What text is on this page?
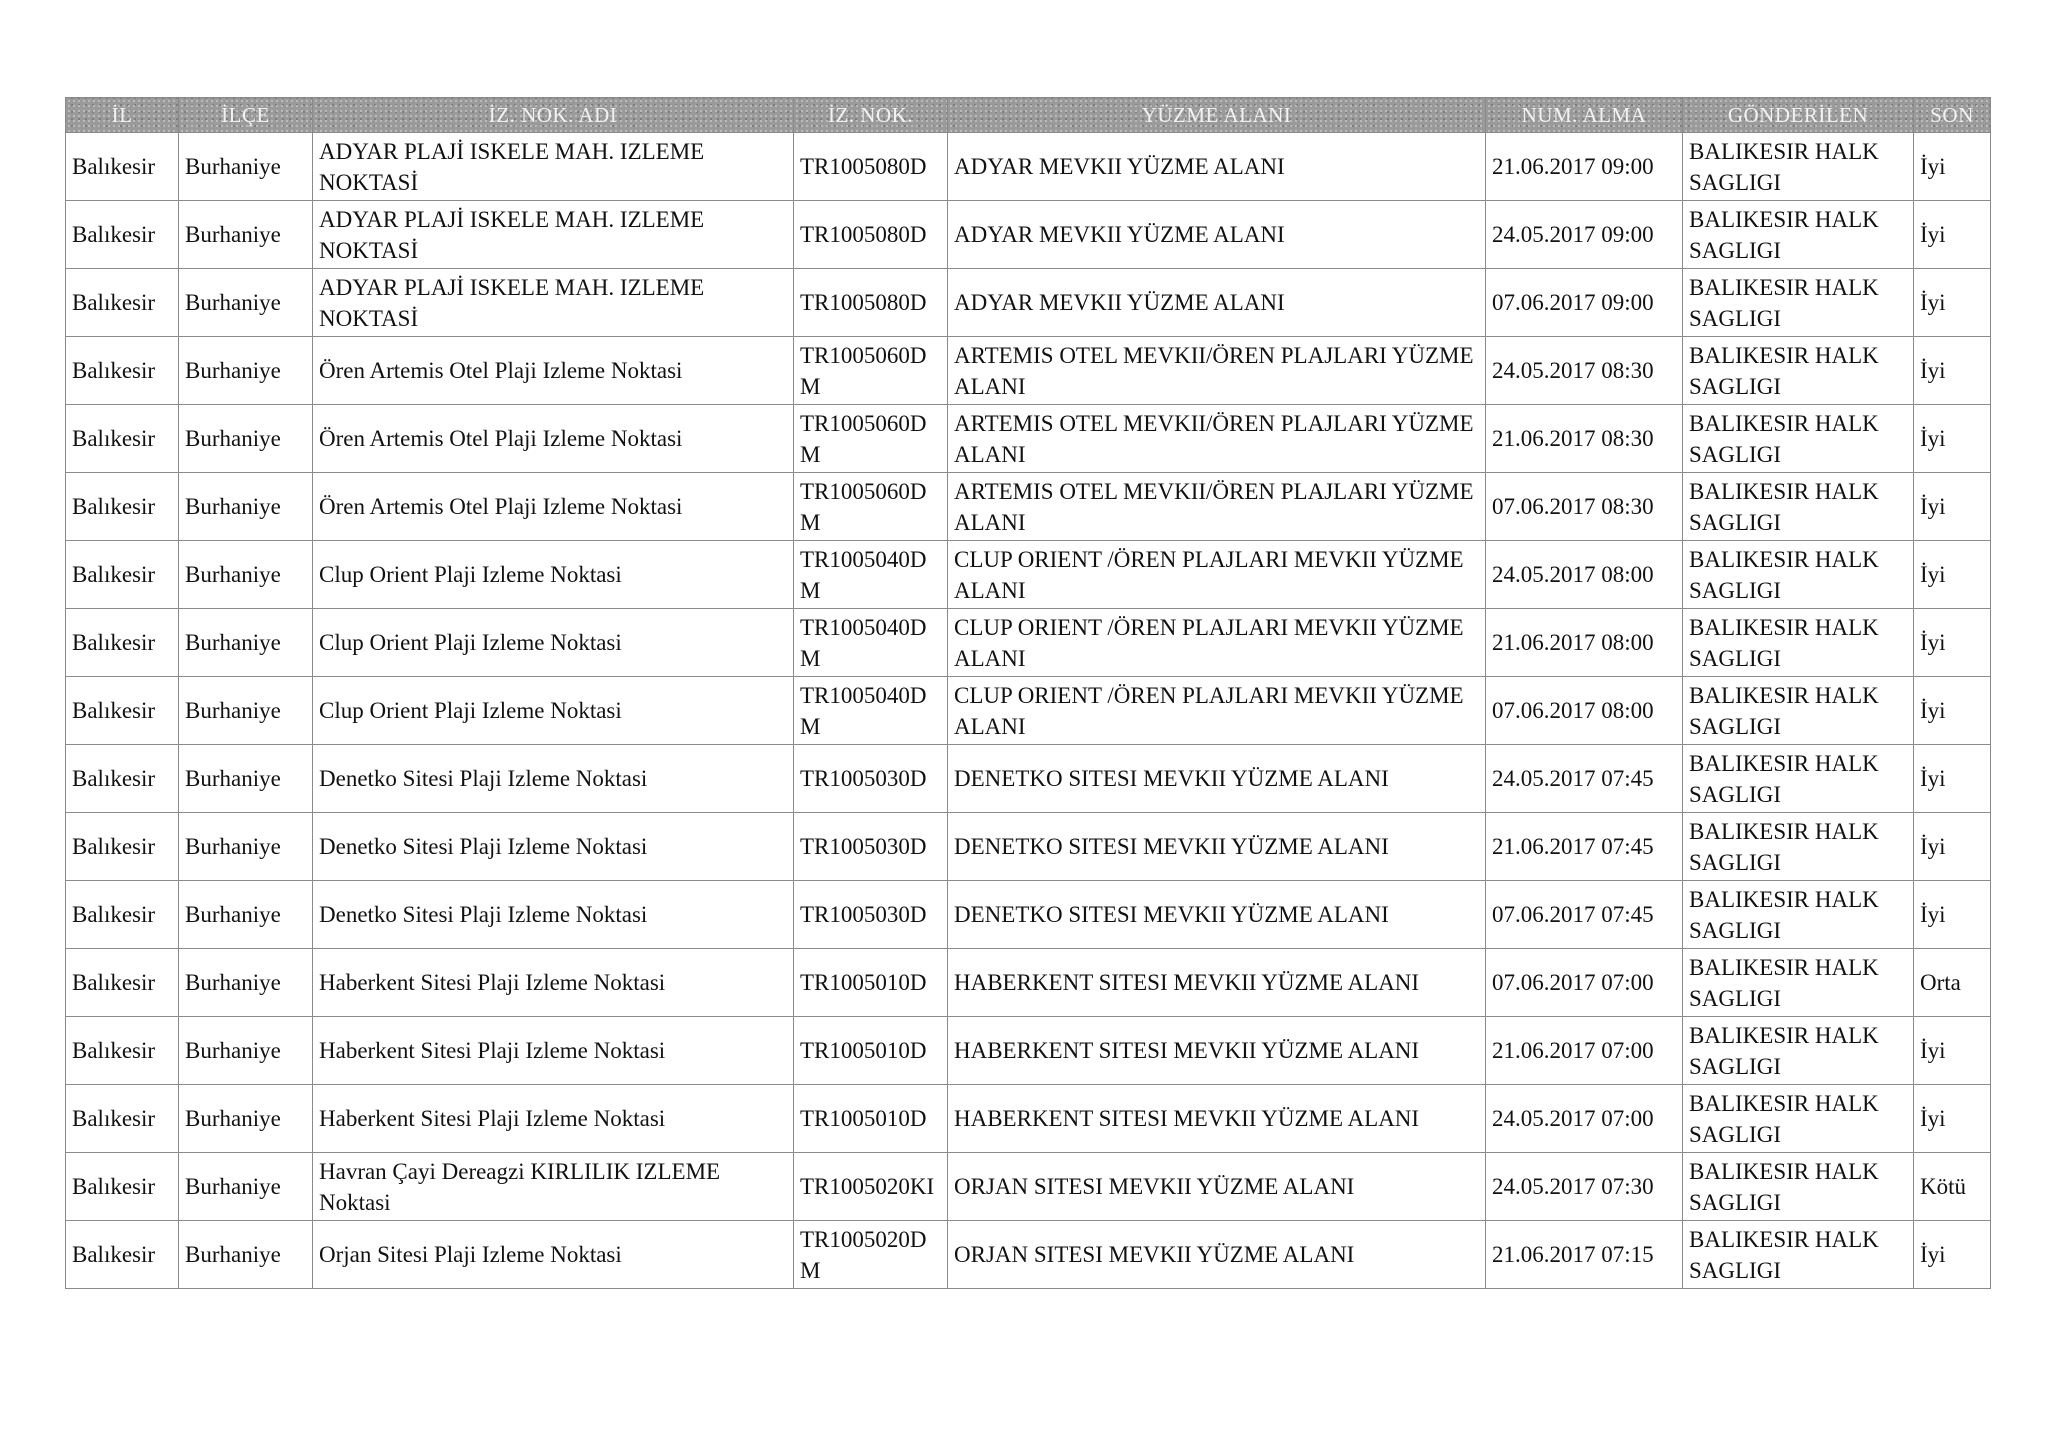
İL	İLÇE	İZ. NOK. ADI	İZ. NOK.	YÜZME ALANI	NUM. ALMA	GÖNDERİLEN	SON
Balıkesir	Burhaniye	ADYAR PLAJİ ISKELE MAH. IZLEME NOKTASİ	TR1005080D	ADYAR MEVKII YÜZME ALANI	21.06.2017 09:00	BALIKESIR HALK SAGLIGI	İyi
Balıkesir	Burhaniye	ADYAR PLAJİ ISKELE MAH. IZLEME NOKTASİ	TR1005080D	ADYAR MEVKII YÜZME ALANI	24.05.2017 09:00	BALIKESIR HALK SAGLIGI	İyi
Balıkesir	Burhaniye	ADYAR PLAJİ ISKELE MAH. IZLEME NOKTASİ	TR1005080D	ADYAR MEVKII YÜZME ALANI	07.06.2017 09:00	BALIKESIR HALK SAGLIGI	İyi
Balıkesir	Burhaniye	Ören Artemis Otel Plaji Izleme Noktasi	TR1005060D M	ARTEMIS OTEL MEVKII/ÖREN PLAJLARI YÜZME ALANI	24.05.2017 08:30	BALIKESIR HALK SAGLIGI	İyi
Balıkesir	Burhaniye	Ören Artemis Otel Plaji Izleme Noktasi	TR1005060D M	ARTEMIS OTEL MEVKII/ÖREN PLAJLARI YÜZME ALANI	21.06.2017 08:30	BALIKESIR HALK SAGLIGI	İyi
Balıkesir	Burhaniye	Ören Artemis Otel Plaji Izleme Noktasi	TR1005060D M	ARTEMIS OTEL MEVKII/ÖREN PLAJLARI YÜZME ALANI	07.06.2017 08:30	BALIKESIR HALK SAGLIGI	İyi
Balıkesir	Burhaniye	Clup Orient Plaji Izleme Noktasi	TR1005040D M	CLUP ORIENT /ÖREN PLAJLARI MEVKII YÜZME ALANI	24.05.2017 08:00	BALIKESIR HALK SAGLIGI	İyi
Balıkesir	Burhaniye	Clup Orient Plaji Izleme Noktasi	TR1005040D M	CLUP ORIENT /ÖREN PLAJLARI MEVKII YÜZME ALANI	21.06.2017 08:00	BALIKESIR HALK SAGLIGI	İyi
Balıkesir	Burhaniye	Clup Orient Plaji Izleme Noktasi	TR1005040D M	CLUP ORIENT /ÖREN PLAJLARI MEVKII YÜZME ALANI	07.06.2017 08:00	BALIKESIR HALK SAGLIGI	İyi
Balıkesir	Burhaniye	Denetko Sitesi Plaji Izleme Noktasi	TR1005030D	DENETKO SITESI MEVKII YÜZME ALANI	24.05.2017 07:45	BALIKESIR HALK SAGLIGI	İyi
Balıkesir	Burhaniye	Denetko Sitesi Plaji Izleme Noktasi	TR1005030D	DENETKO SITESI MEVKII YÜZME ALANI	21.06.2017 07:45	BALIKESIR HALK SAGLIGI	İyi
Balıkesir	Burhaniye	Denetko Sitesi Plaji Izleme Noktasi	TR1005030D	DENETKO SITESI MEVKII YÜZME ALANI	07.06.2017 07:45	BALIKESIR HALK SAGLIGI	İyi
Balıkesir	Burhaniye	Haberkent Sitesi Plaji Izleme Noktasi	TR1005010D	HABERKENT SITESI MEVKII YÜZME ALANI	07.06.2017 07:00	BALIKESIR HALK SAGLIGI	Orta
Balıkesir	Burhaniye	Haberkent Sitesi Plaji Izleme Noktasi	TR1005010D	HABERKENT SITESI MEVKII YÜZME ALANI	21.06.2017 07:00	BALIKESIR HALK SAGLIGI	İyi
Balıkesir	Burhaniye	Haberkent Sitesi Plaji Izleme Noktasi	TR1005010D	HABERKENT SITESI MEVKII YÜZME ALANI	24.05.2017 07:00	BALIKESIR HALK SAGLIGI	İyi
Balıkesir	Burhaniye	Havran Çayi Dereagzi KIRLILIK IZLEME Noktasi	TR1005020KI	ORJAN SITESI MEVKII YÜZME ALANI	24.05.2017 07:30	BALIKESIR HALK SAGLIGI	Kötü
Balıkesir	Burhaniye	Orjan Sitesi Plaji Izleme Noktasi	TR1005020D M	ORJAN SITESI MEVKII YÜZME ALANI	21.06.2017 07:15	BALIKESIR HALK SAGLIGI	İyi
